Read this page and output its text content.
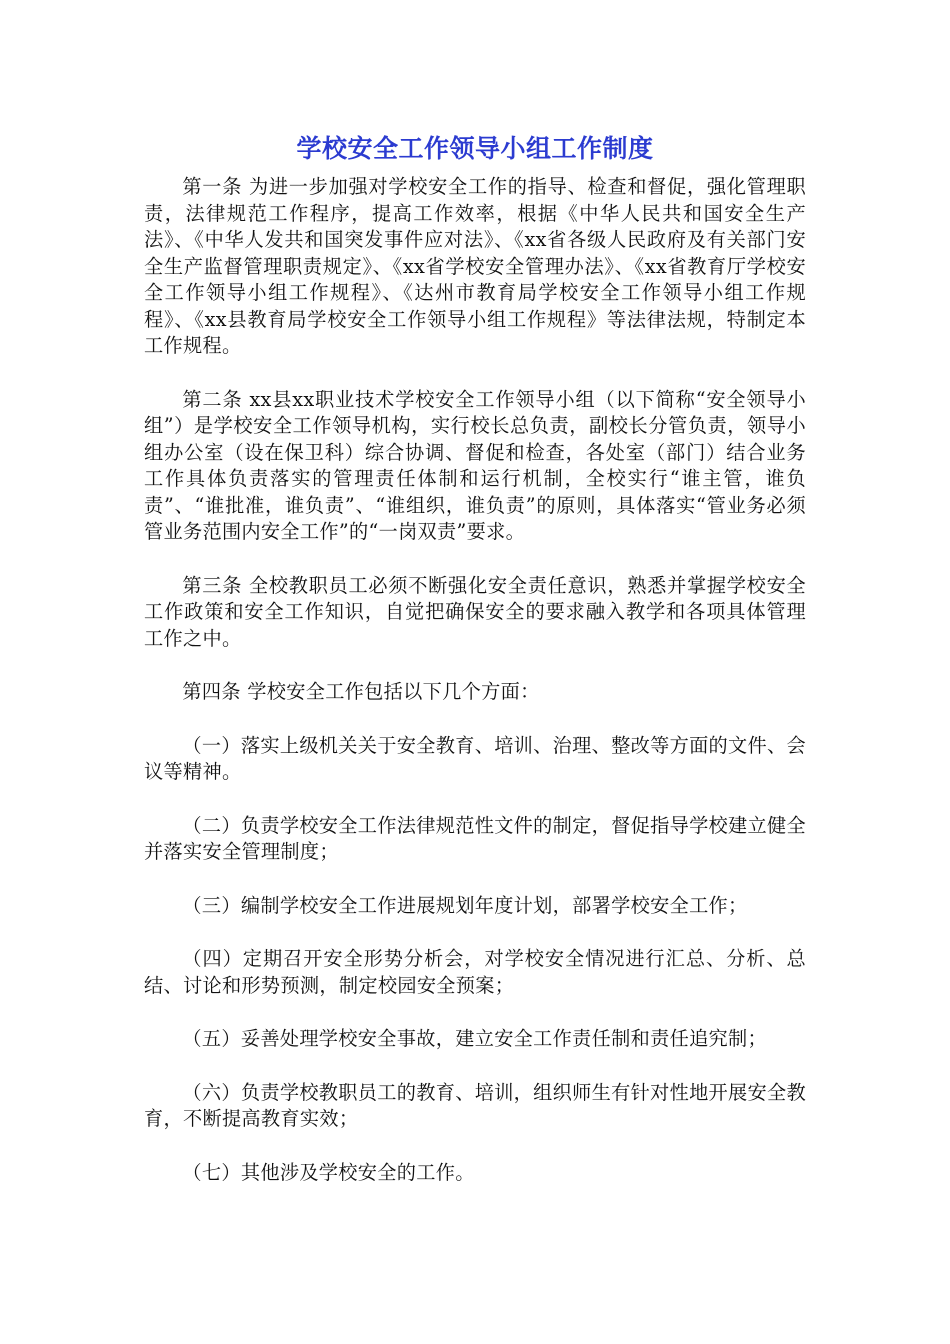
学校安全工作领导小组工作制度

第一条 为进一步加强对学校安全工作的指导、检查和督促，强化管理职责，法律规范工作程序，提高工作效率，根据《中华人民共和国安全生产法》、《中华人发共和国突发事件应对法》、《xx省各级人民政府及有关部门安全生产监督管理职责规定》、《xx省学校安全管理办法》、《xx省教育厅学校安全工作领导小组工作规程》、《达州市教育局学校安全工作领导小组工作规程》、《xx县教育局学校安全工作领导小组工作规程》等法律法规，特制定本工作规程。

第二条 xx县xx职业技术学校安全工作领导小组（以下简称“安全领导小组”）是学校安全工作领导机构，实行校长总负责，副校长分管负责，领导小组办公室（设在保卫科）综合协调、督促和检查，各处室（部门）结合业务工作具体负责落实的管理责任体制和运行机制，全校实行“谁主管，谁负责”、“谁批准，谁负责”、“谁组织，谁负责”的原则，具体落实“管业务必须管业务范围内安全工作”的“一岗双责”要求。

第三条 全校教职员工必须不断强化安全责任意识，熟悉并掌握学校安全工作政策和安全工作知识，自觉把确保安全的要求融入教学和各项具体管理工作之中。

第四条 学校安全工作包括以下几个方面：

（一）落实上级机关关于安全教育、培训、治理、整改等方面的文件、会议等精神。

（二）负责学校安全工作法律规范性文件的制定，督促指导学校建立健全并落实安全管理制度；

（三）编制学校安全工作进展规划年度计划，部署学校安全工作；

（四）定期召开安全形势分析会，对学校安全情况进行汇总、分析、总结、讨论和形势预测，制定校园安全预案；

（五）妥善处理学校安全事故，建立安全工作责任制和责任追究制；

（六）负责学校教职员工的教育、培训，组织师生有针对性地开展安全教育，不断提高教育实效；

（七）其他涉及学校安全的工作。
